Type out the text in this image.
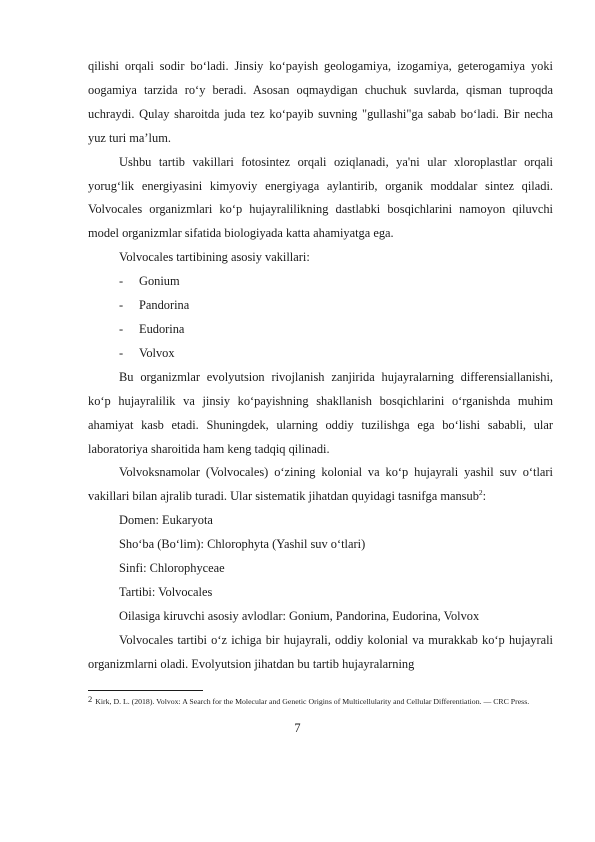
qilishi orqali sodir bo‘ladi. Jinsiy ko‘payish geologamiya, izogamiya, geterogamiya yoki oogamiya tarzida ro‘y beradi. Asosan oqmaydigan chuchuk suvlarda, qisman tuproqda uchraydi. Qulay sharoitda juda tez ko‘payib suvning "gullashi"ga sabab bo‘ladi. Bir necha yuz turi ma’lum.

Ushbu tartib vakillari fotosintez orqali oziqlanadi, ya'ni ular xloroplastlar orqali yorug‘lik energiyasini kimyoviy energiyaga aylantirib, organik moddalar sintez qiladi. Volvocales organizmlari ko‘p hujayralilikning dastlabki bosqichlarini namoyon qiluvchi model organizmlar sifatida biologiyada katta ahamiyatga ega.

Volvocales tartibining asosiy vakillari:

- Gonium
- Pandorina
- Eudorina
- Volvox

Bu organizmlar evolyutsion rivojlanish zanjirida hujayralarning differensiallanishi, ko‘p hujayralilik va jinsiy ko‘payishning shakllanish bosqichlarini o‘rganishda muhim ahamiyat kasb etadi. Shuningdek, ularning oddiy tuzilishga ega bo‘lishi sababli, ular laboratoriya sharoitida ham keng tadqiq qilinadi.

Volvoksnamolar (Volvocales) o‘zining kolonial va ko‘p hujayrali yashil suv o‘tlari vakillari bilan ajralib turadi. Ular sistematik jihatdan quyidagi tasnifga mansub$^2$:

Domen: Eukaryota

Sho‘ba (Bo‘lim): Chlorophyta (Yashil suv o‘tlari)

Sinfi: Chlorophyceae

Tartibi: Volvocales

Oilasiga kiruvchi asosiy avlodlar: Gonium, Pandorina, Eudorina, Volvox

Volvocales tartibi o‘z ichiga bir hujayrali, oddiy kolonial va murakkab ko‘p hujayrali organizmlarni oladi. Evolyutsion jihatdan bu tartib hujayralarning

2 Kirk, D. L. (2018). Volvox: A Search for the Molecular and Genetic Origins of Multicellularity and Cellular Differentiation. — CRC Press.
7
